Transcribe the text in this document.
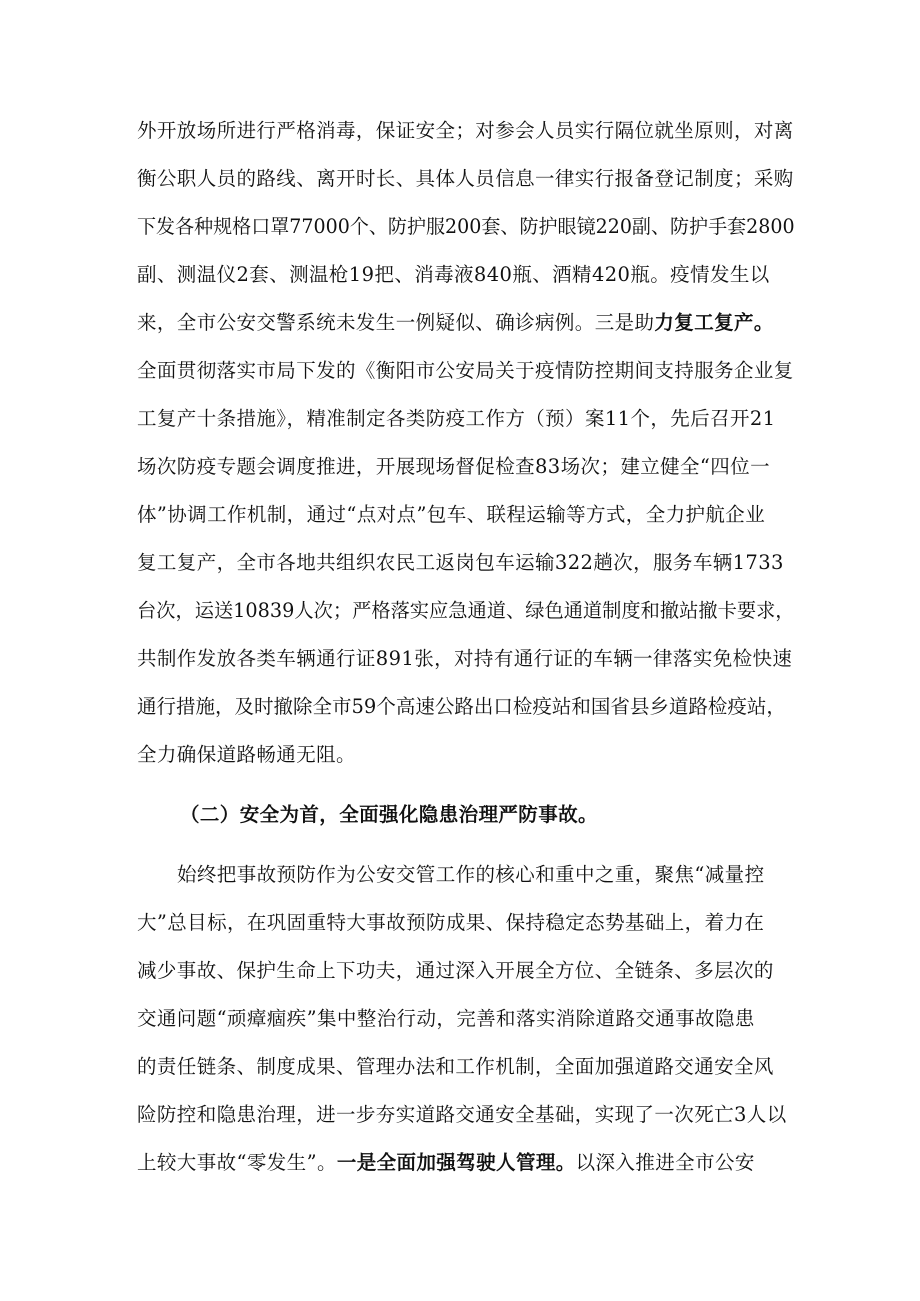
外开放场所进行严格消毒，保证安全；对参会人员实行隔位就坐原则，对离
衡公职人员的路线、离开时长、具体人员信息一律实行报备登记制度；采购
下发各种规格口罩77000个、防护服200套、防护眼镜220副、防护手套2800
副、测温仪2套、测温枪19把、消毒液840瓶、酒精420瓶。疫情发生以
来，全市公安交警系统未发生一例疑似、确诊病例。三是助力复工复产。
全面贯彻落实市局下发的《衡阳市公安局关于疫情防控期间支持服务企业复
工复产十条措施》，精准制定各类防疫工作方（预）案11个，先后召开21
场次防疫专题会调度推进，开展现场督促检查83场次；建立健全“四位一
体”协调工作机制，通过“点对点”包车、联程运输等方式，全力护航企业
复工复产，全市各地共组织农民工返岗包车运输322趟次，服务车辆1733
台次，运送10839人次；严格落实应急通道、绿色通道制度和撤站撤卡要求，
共制作发放各类车辆通行证891张，对持有通行证的车辆一律落实免检快速
通行措施，及时撤除全市59个高速公路出口检疫站和国省县乡道路检疫站，
全力确保道路畅通无阻。
（二）安全为首，全面强化隐患治理严防事故。
始终把事故预防作为公安交管工作的核心和重中之重，聚焦“减量控
大”总目标，在巩固重特大事故预防成果、保持稳定态势基础上，着力在
减少事故、保护生命上下功夫，通过深入开展全方位、全链条、多层次的
交通问题“顽瘴痼疾”集中整治行动，完善和落实消除道路交通事故隐患
的责任链条、制度成果、管理办法和工作机制，全面加强道路交通安全风
险防控和隐患治理，进一步夯实道路交通安全基础，实现了一次死亡3人以
上较大事故“零发生”。一是全面加强驾驶人管理。以深入推进全市公安
